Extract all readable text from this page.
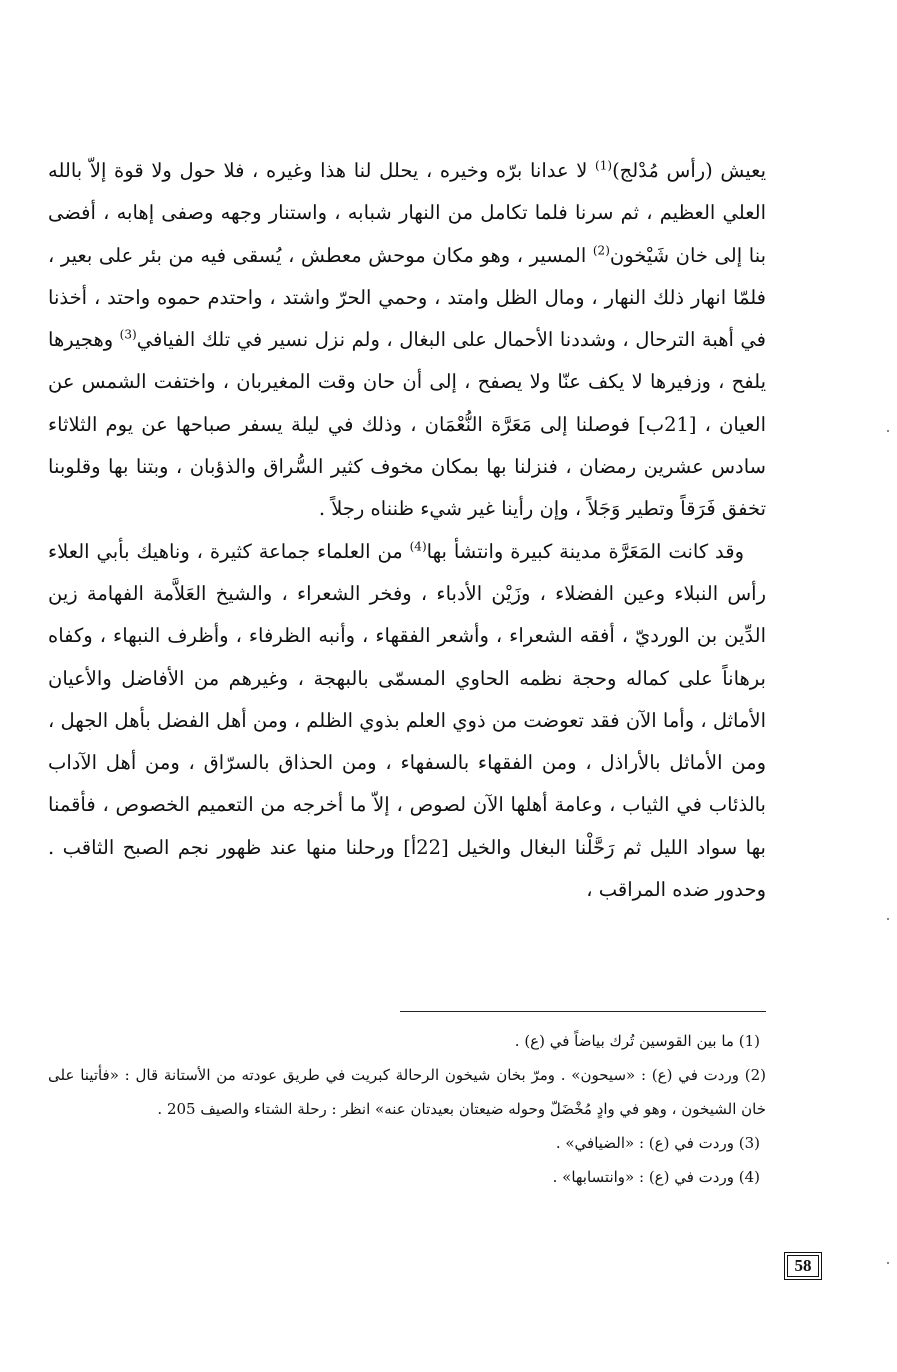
يعيش (رأس مُدْلج)$^{(1)}$ لا عدانا برّه وخيره ، يحلل لنا هذا وغيره ، فلا حول ولا قوة إلاّ بالله العلي العظيم ، ثم سرنا فلما تكامل من النهار شبابه ، واستنار وجهه وصفى إهابه ، أفضى بنا إلى خان شَيْخون$^{(2)}$ المسير ، وهو مكان موحش معطش ، يُسقى فيه من بئر على بعير ، فلمّا انهار ذلك النهار ، ومال الظل وامتد ، وحمي الحرّ واشتد ، واحتدم حموه واحتد ، أخذنا في أهبة الترحال ، وشددنا الأحمال على البغال ، ولم نزل نسير في تلك الفيافي$^{(3)}$ وهجيرها يلفح ، وزفيرها لا يكف عنّا ولا يصفح ، إلى أن حان وقت المغيربان ، واختفت الشمس عن العيان ، [21ب] فوصلنا إلى مَعَرَّة النُّعْمَان ، وذلك في ليلة يسفر صباحها عن يوم الثلاثاء سادس عشرين رمضان ، فنزلنا بها بمكان مخوف كثير السُّراق والذؤبان ، وبتنا بها وقلوبنا تخفق فَرَقاً وتطير وَجَلاً ، وإن رأينا غير شيء ظنناه رجلاً .

وقد كانت المَعَرَّة مدينة كبيرة وانتشأ بها$^{(4)}$ من العلماء جماعة كثيرة ، وناهيك بأبي العلاء رأس النبلاء وعين الفضلاء ، وزَيْن الأدباء ، وفخر الشعراء ، والشيخ العَلاَّمة الفهامة زين الدِّين بن الورديّ ، أفقه الشعراء ، وأشعر الفقهاء ، وأنبه الظرفاء ، وأظرف النبهاء ، وكفاه برهاناً على كماله وحجة نظمه الحاوي المسمّى بالبهجة ، وغيرهم من الأفاضل والأعيان الأماثل ، وأما الآن فقد تعوضت من ذوي العلم بذوي الظلم ، ومن أهل الفضل بأهل الجهل ، ومن الأماثل بالأراذل ، ومن الفقهاء بالسفهاء ، ومن الحذاق بالسرّاق ، ومن أهل الآداب بالذئاب في الثياب ، وعامة أهلها الآن لصوص ، إلاّ ما أخرجه من التعميم الخصوص ، فأقمنا بها سواد الليل ثم رَحَّلْنا البغال والخيل [22أ] ورحلنا منها عند ظهور نجم الصبح الثاقب . وحدور ضده المراقب ،

(1) ما بين القوسين تُرك بياضاً في (ع) .

(2) وردت في (ع) : «سيحون» . ومرّ بخان شيخون الرحالة كبريت في طريق عودته من الأستانة قال : «فأتينا على خان الشيخون ، وهو في وادٍ مُخْضَلّ وحوله ضيعتان بعيدتان عنه» انظر : رحلة الشتاء والصيف 205 .

(3) وردت في (ع) : «الضيافي» .

(4) وردت في (ع) : «وانتسابها» .

58
